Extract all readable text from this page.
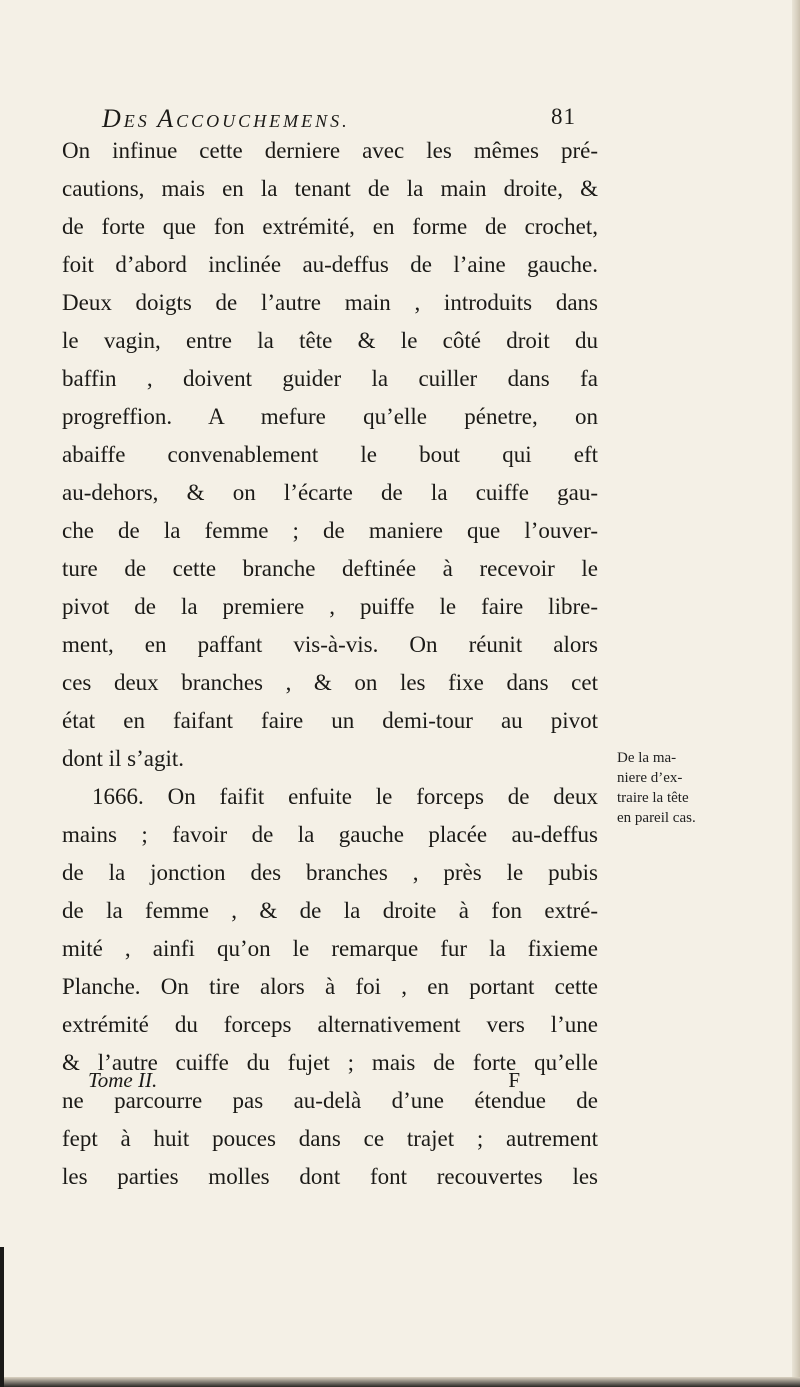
DES ACCOUCHEMENS.	81
On infinue cette derniere avec les mêmes pré-
cautions, mais en la tenant de la main droite, &
de forte que fon extrémité, en forme de crochet,
foit d’abord inclinée au-deffus de l’aine gauche.
Deux doigts de l’autre main , introduits dans
le vagin, entre la tête & le côté droit du
baffin , doivent guider la cuiller dans fa
progreffion. A mefure qu’elle pénetre, on
abaiffe convenablement le bout qui eft
au-dehors, & on l’écarte de la cuiffe gau-
che de la femme ; de maniere que l’ouver-
ture de cette branche deftinée à recevoir le
pivot de la premiere , puiffe le faire libre-
ment, en paffant vis-à-vis. On réunit alors
ces deux branches , & on les fixe dans cet
état en faifant faire un demi-tour au pivot
dont il s’agit.
1666. On faifit enfuite le forceps de deux
mains ; favoir de la gauche placée au-deffus
de la jonction des branches , près le pubis
de la femme , & de la droite à fon extré-
mité , ainfi qu’on le remarque fur la fixieme
Planche. On tire alors à foi , en portant cette
extrémité du forceps alternativement vers l’une
& l’autre cuiffe du fujet ; mais de forte qu’elle
ne parcourre pas au-delà d’une étendue de
fept à huit pouces dans ce trajet ; autrement
les parties molles dont font recouvertes les
De la ma-
niere d’ex-
traire la tête
en pareil cas.
Tome II.	F
